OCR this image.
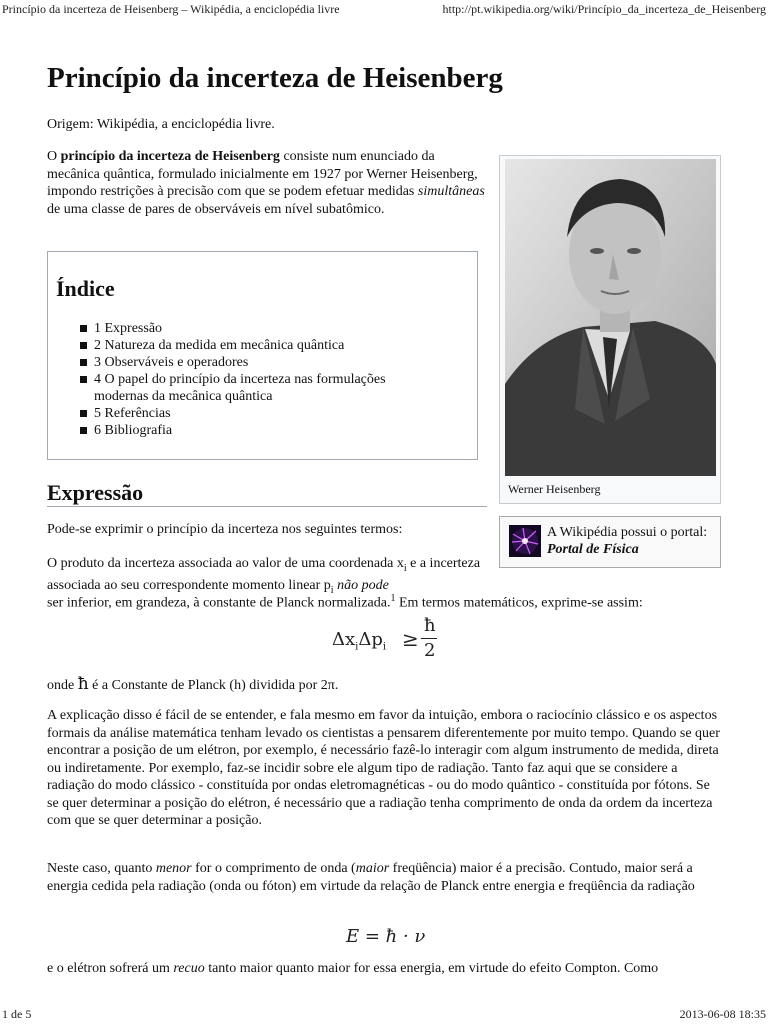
Princípio da incerteza de Heisenberg – Wikipédia, a enciclopédia livre	http://pt.wikipedia.org/wiki/Princípio_da_incerteza_de_Heisenberg
Princípio da incerteza de Heisenberg
Origem: Wikipédia, a enciclopédia livre.

O princípio da incerteza de Heisenberg consiste num enunciado da mecânica quântica, formulado inicialmente em 1927 por Werner Heisenberg, impondo restrições à precisão com que se podem efetuar medidas simultâneas de uma classe de pares de observáveis em nível subatômico.

Índice
1 Expressão
2 Natureza da medida em mecânica quântica
3 Observáveis e operadores
4 O papel do princípio da incerteza nas formulações modernas da mecânica quântica
5 Referências
6 Bibliografia
Werner Heisenberg
Expressão
A Wikipédia possui o portal:
Portal de Física

Pode-se exprimir o princípio da incerteza nos seguintes termos:

O produto da incerteza associada ao valor de uma coordenada $x_i$ e a incerteza associada ao seu correspondente momento linear $p_i$ não pode

ser inferior, em grandeza, à constante de Planck normalizada.$^1$ Em termos matemáticos, exprime-se assim:

$\Delta x_i\Delta p_i$ ≥
ħ
2

onde ħ é a Constante de Planck (h) dividida por 2π.

A explicação disso é fácil de se entender, e fala mesmo em favor da intuição, embora o raciocínio clássico e os aspectos formais da análise matemática tenham levado os cientistas a pensarem diferentemente por muito tempo. Quando se quer encontrar a posição de um elétron, por exemplo, é necessário fazê-lo interagir com algum instrumento de medida, direta ou indiretamente. Por exemplo, faz-se incidir sobre ele algum tipo de radiação. Tanto faz aqui que se considere a radiação do modo clássico - constituída por ondas eletromagnéticas - ou do modo quântico - constituída por fótons. Se se quer determinar a posição do elétron, é necessário que a radiação tenha comprimento de onda da ordem da incerteza com que se quer determinar a posição.

Neste caso, quanto menor for o comprimento de onda (maior freqüência) maior é a precisão. Contudo, maior será a energia cedida pela radiação (onda ou fóton) em virtude da relação de Planck entre energia e freqüência da radiação

E = ħ · ν

e o elétron sofrerá um recuo tanto maior quanto maior for essa energia, em virtude do efeito Compton. Como

1 de 5	2013-06-08 18:35
